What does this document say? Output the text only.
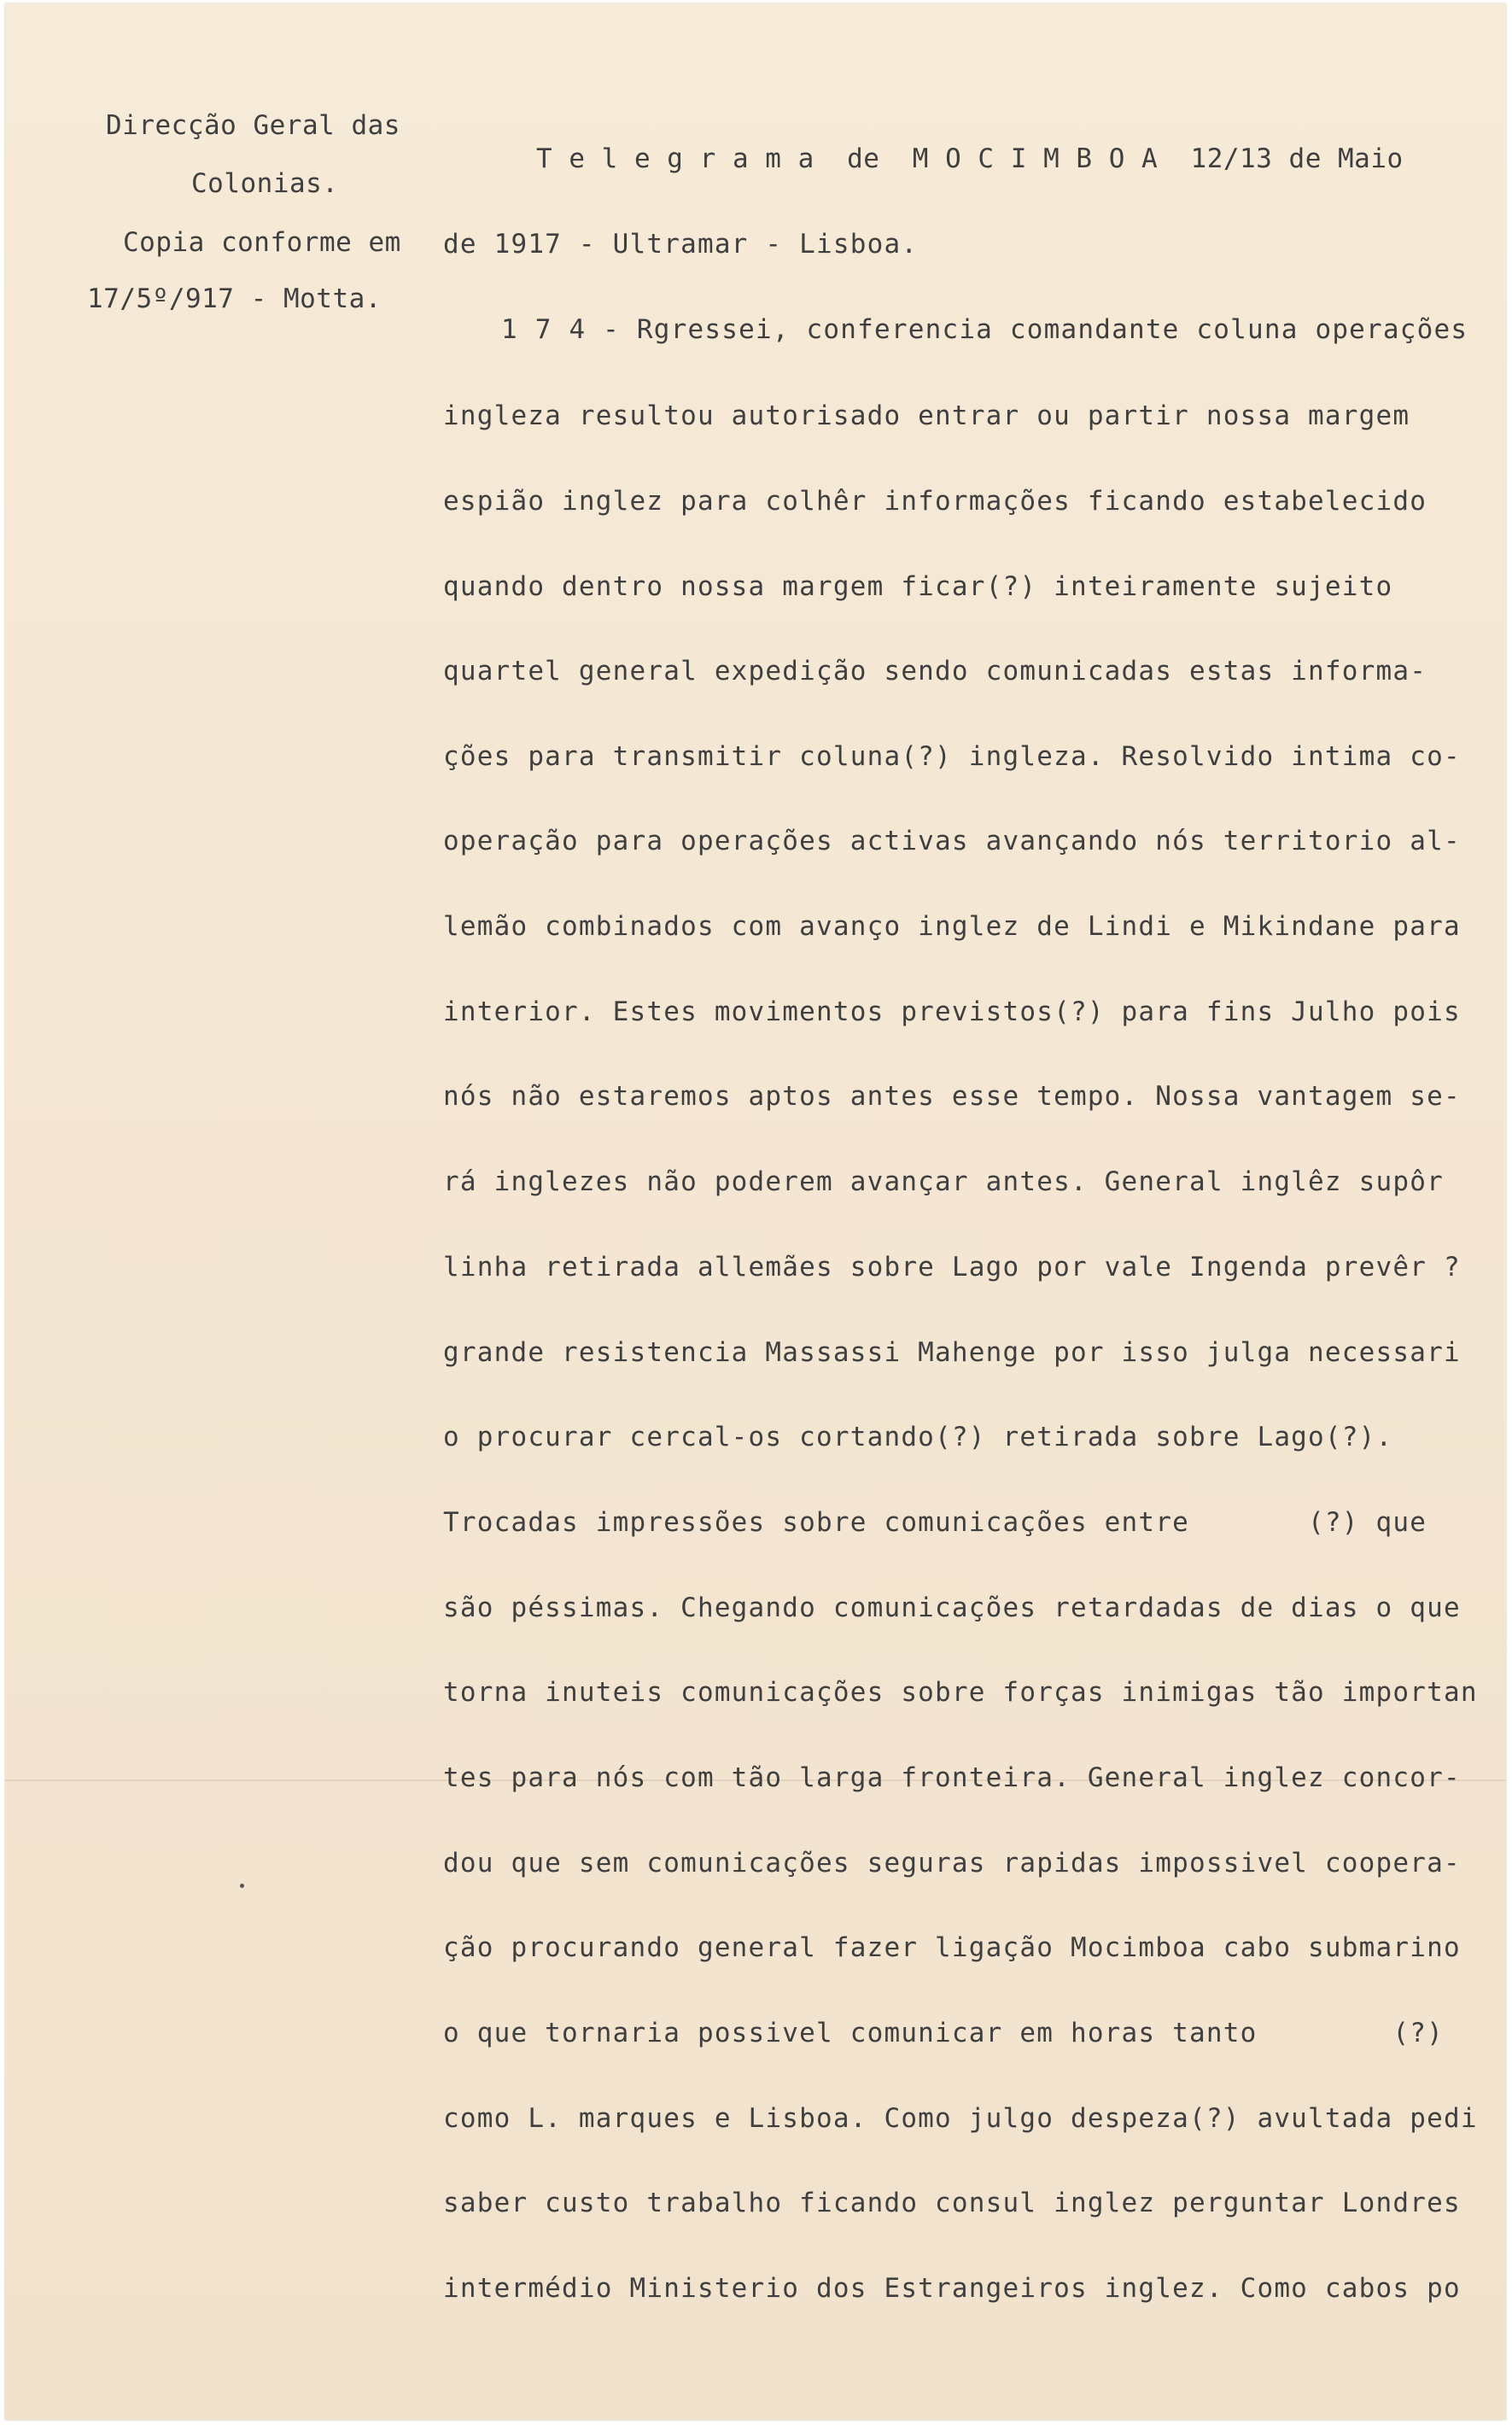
Direcção Geral das
Colonias.
Copia conforme em
17/5º/917 - Motta.
T e l e g r a m a  de  M O C I M B O A  12/13 de Maio
de 1917 - Ultramar - Lisboa.
1 7 4 - Rgressei, conferencia comandante coluna operações
ingleza resultou autorisado entrar ou partir nossa margem
espião inglez para colhêr informações ficando estabelecido
quando dentro nossa margem ficar(?) inteiramente sujeito
quartel general expedição sendo comunicadas estas informa-
ções para transmitir coluna(?) ingleza. Resolvido intima co-
operação para operações activas avançando nós territorio al-
lemão combinados com avanço inglez de Lindi e Mikindane para
interior. Estes movimentos previstos(?) para fins Julho pois
nós não estaremos aptos antes esse tempo. Nossa vantagem se-
rá inglezes não poderem avançar antes. General inglêz supôr
linha retirada allemães sobre Lago por vale Ingenda prevêr ?
grande resistencia Massassi Mahenge por isso julga necessari
o procurar cercal-os cortando(?) retirada sobre Lago(?).
Trocadas impressões sobre comunicações entre       (?) que
são péssimas. Chegando comunicações retardadas de dias o que
torna inuteis comunicações sobre forças inimigas tão importan
tes para nós com tão larga fronteira. General inglez concor-
dou que sem comunicações seguras rapidas impossivel coopera-
ção procurando general fazer ligação Mocimboa cabo submarino
o que tornaria possivel comunicar em horas tanto        (?)
como L. marques e Lisboa. Como julgo despeza(?) avultada pedi
saber custo trabalho ficando consul inglez perguntar Londres
intermédio Ministerio dos Estrangeiros inglez. Como cabos po
